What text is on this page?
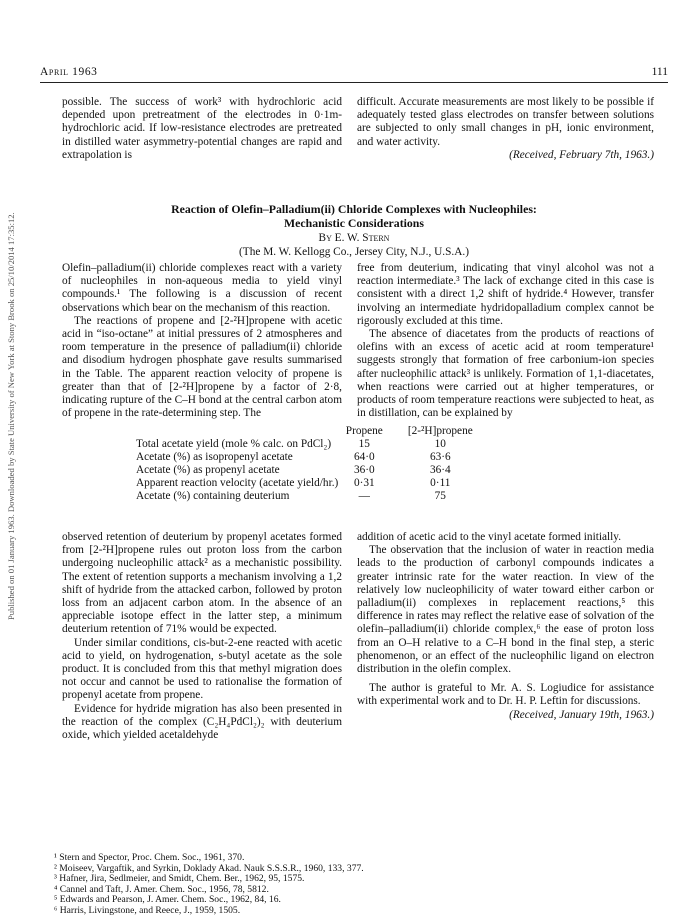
Published on 01 January 1963. Downloaded by State University of New York at Stony Brook on 25/10/2014 17:35:12.
April 1963	111

possible. The success of work³ with hydrochloric acid depended upon pretreatment of the electrodes in 0·1m-hydrochloric acid. If low-resistance electrodes are pretreated in distilled water asymmetry-potential changes are rapid and extrapolation is

difficult. Accurate measurements are most likely to be possible if adequately tested glass electrodes on transfer between solutions are subjected to only small changes in pH, ionic environment, and water activity.

(Received, February 7th, 1963.)

Reaction of Olefin–Palladium(ii) Chloride Complexes with Nucleophiles:
Mechanistic Considerations
By E. W. Stern
(The M. W. Kellogg Co., Jersey City, N.J., U.S.A.)

Olefin–palladium(ii) chloride complexes react with a variety of nucleophiles in non-aqueous media to yield vinyl compounds.¹ The following is a discussion of recent observations which bear on the mechanism of this reaction.

The reactions of propene and [2-²H]propene with acetic acid in “iso-octane” at initial pressures of 2 atmospheres and room temperature in the presence of palladium(ii) chloride and disodium hydrogen phosphate gave results summarised in the Table. The apparent reaction velocity of propene is greater than that of [2-²H]propene by a factor of 2·8, indicating rupture of the C–H bond at the central carbon atom of propene in the rate-determining step. The

free from deuterium, indicating that vinyl alcohol was not a reaction intermediate.³ The lack of exchange cited in this case is consistent with a direct 1,2 shift of hydride.⁴ However, transfer involving an intermediate hydridopalladium complex cannot be rigorously excluded at this time.

The absence of diacetates from the products of reactions of olefins with an excess of acetic acid at room temperature¹ suggests strongly that formation of free carbonium-ion species after nucleophilic attack³ is unlikely. Formation of 1,1-diacetates, when reactions were carried out at higher temperatures, or products of room temperature reactions were subjected to heat, as in distillation, can be explained by

	Propene	[2-²H]propene
Total acetate yield (mole % calc. on PdCl₂)	15	10
Acetate (%) as isopropenyl acetate	64·0	63·6
Acetate (%) as propenyl acetate	36·0	36·4
Apparent reaction velocity (acetate yield/hr.)	0·31	0·11
Acetate (%) containing deuterium	—	75

observed retention of deuterium by propenyl acetates formed from [2-²H]propene rules out proton loss from the carbon undergoing nucleophilic attack² as a mechanistic possibility. The extent of retention supports a mechanism involving a 1,2 shift of hydride from the attacked carbon, followed by proton loss from an adjacent carbon atom. In the absence of an appreciable isotope effect in the latter step, a minimum deuterium retention of 71% would be expected.

Under similar conditions, cis-but-2-ene reacted with acetic acid to yield, on hydrogenation, s-butyl acetate as the sole product. It is concluded from this that methyl migration does not occur and cannot be used to rationalise the formation of propenyl acetate from propene.

Evidence for hydride migration has also been presented in the reaction of the complex (C₂H₄PdCl₂)₂ with deuterium oxide, which yielded acetaldehyde

addition of acetic acid to the vinyl acetate formed initially.

The observation that the inclusion of water in reaction media leads to the production of carbonyl compounds indicates a greater intrinsic rate for the water reaction. In view of the relatively low nucleophilicity of water toward either carbon or palladium(ii) complexes in replacement reactions,⁵ this difference in rates may reflect the relative ease of solvation of the olefin–palladium(ii) chloride complex,⁶ the ease of proton loss from an O–H relative to a C–H bond in the final step, a steric phenomenon, or an effect of the nucleophilic ligand on electron distribution in the olefin complex.

The author is grateful to Mr. A. S. Logiudice for assistance with experimental work and to Dr. H. P. Leftin for discussions.

(Received, January 19th, 1963.)

¹ Stern and Spector, Proc. Chem. Soc., 1961, 370.
² Moiseev, Vargaftik, and Syrkin, Doklady Akad. Nauk S.S.S.R., 1960, 133, 377.
³ Hafner, Jira, Sedlmeier, and Smidt, Chem. Ber., 1962, 95, 1575.
⁴ Cannel and Taft, J. Amer. Chem. Soc., 1956, 78, 5812.
⁵ Edwards and Pearson, J. Amer. Chem. Soc., 1962, 84, 16.
⁶ Harris, Livingstone, and Reece, J., 1959, 1505.
